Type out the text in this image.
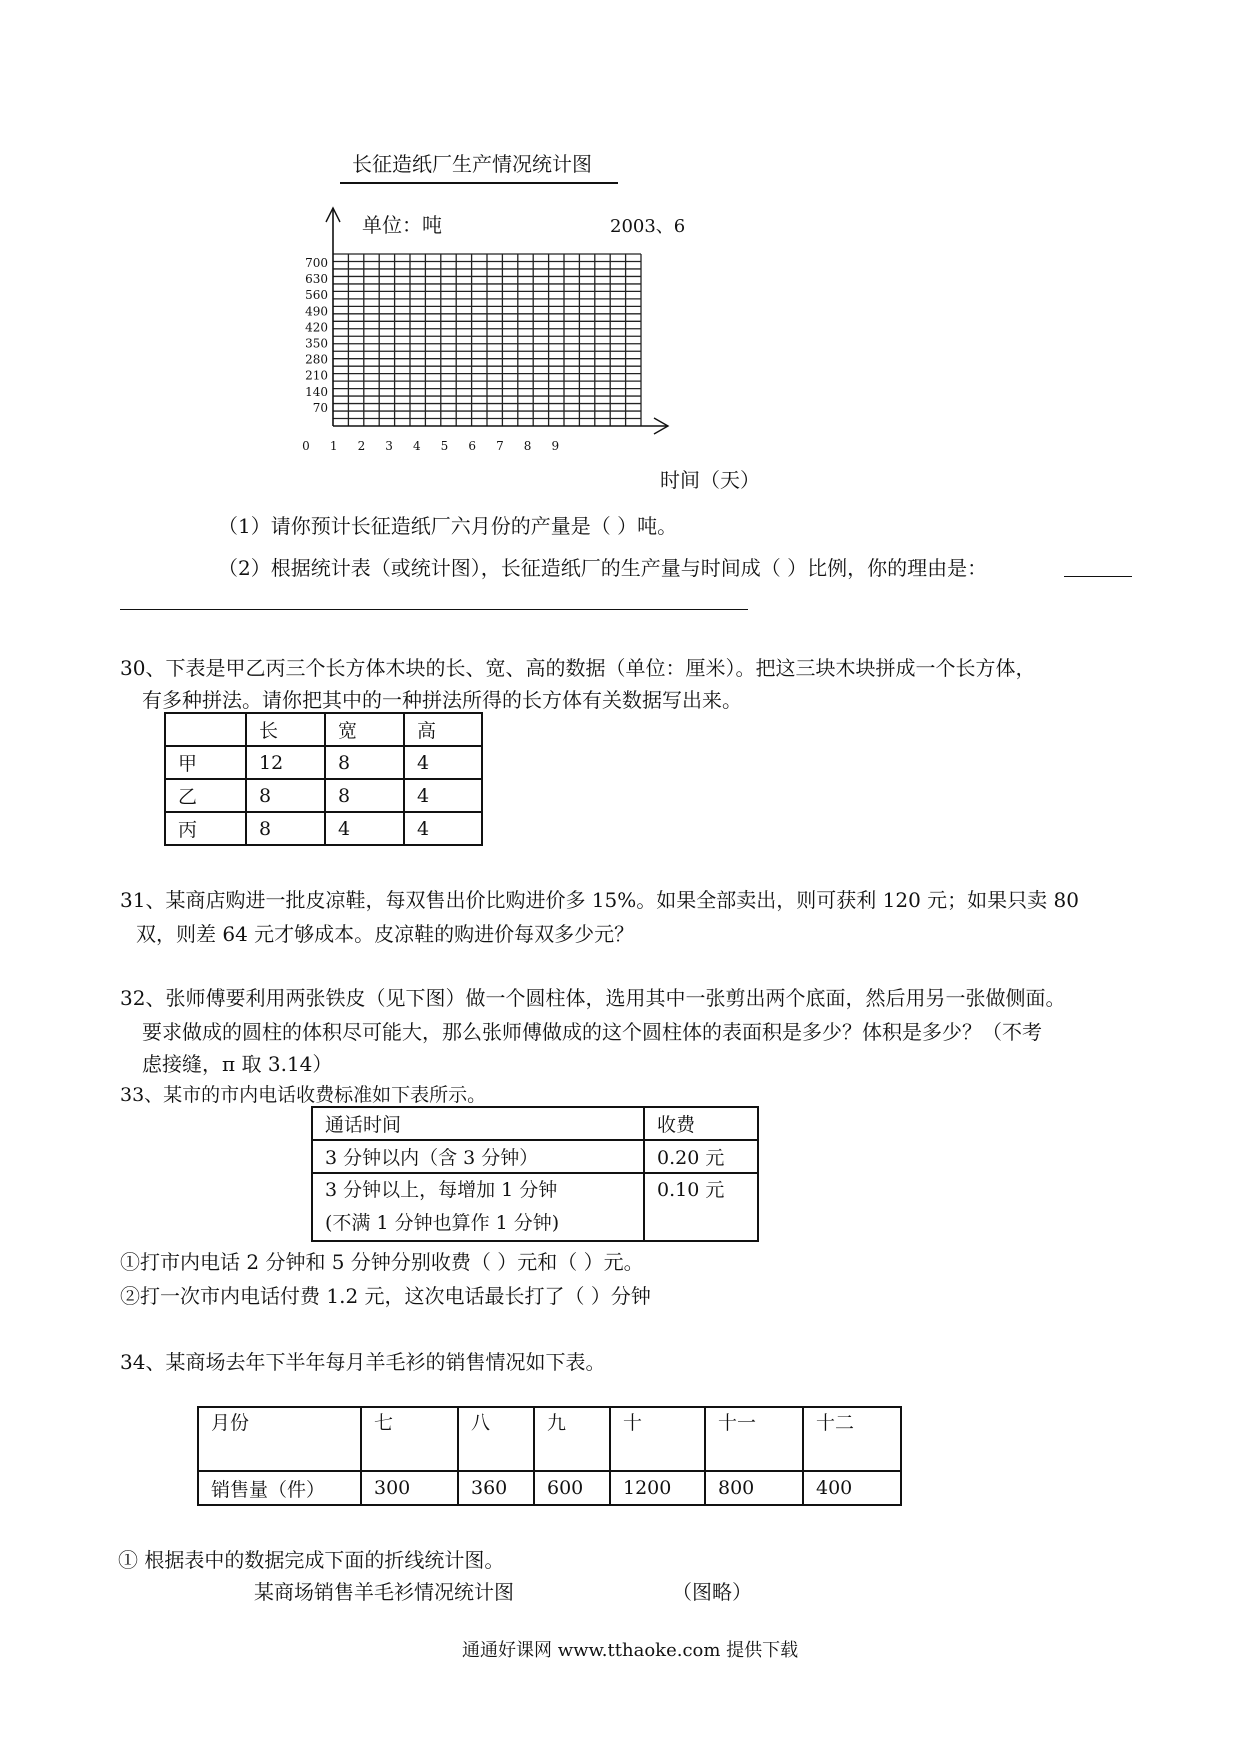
长征造纸厂生产情况统计图
70
140
210
280
350
420
490
560
630
700
0 1 2 3 4 5 6 7 8 9
单位：吨	2003、6
时间（天）
（1）请你预计长征造纸厂六月份的产量是（ ）吨。
（2）根据统计表（或统计图），长征造纸厂的生产量与时间成（ ）比例，你的理由是：
30、下表是甲乙丙三个长方体木块的长、宽、高的数据（单位：厘米）。把这三块木块拼成一个长方体，
有多种拼法。请你把其中的一种拼法所得的长方体有关数据写出来。
	长	宽	高
甲	12	8	4
乙	8	8	4
丙	8	4	4
31、某商店购进一批皮凉鞋，每双售出价比购进价多 15%。如果全部卖出，则可获利 120 元；如果只卖 80
双，则差 64 元才够成本。皮凉鞋的购进价每双多少元？
32、张师傅要利用两张铁皮（见下图）做一个圆柱体，选用其中一张剪出两个底面，然后用另一张做侧面。
要求做成的圆柱的体积尽可能大，那么张师傅做成的这个圆柱体的表面积是多少？体积是多少？（不考
虑接缝，π 取 3.14）
33、某市的市内电话收费标准如下表所示。
通话时间	收费
3 分钟以内（含 3 分钟）	0.20 元

3 分钟以上，每增加 1 分钟
(不满 1 分钟也算作 1 分钟)	0.10 元
①打市内电话 2 分钟和 5 分钟分别收费（ ）元和（ ）元。
②打一次市内电话付费 1.2 元，这次电话最长打了（ ）分钟
34、某商场去年下半年每月羊毛衫的销售情况如下表。
月份	七	八	九	十	十一	十二
销售量（件）	300	360	600	1200	800	400
① 根据表中的数据完成下面的折线统计图。
某商场销售羊毛衫情况统计图	（图略）
通通好课网 www.tthaoke.com 提供下载
